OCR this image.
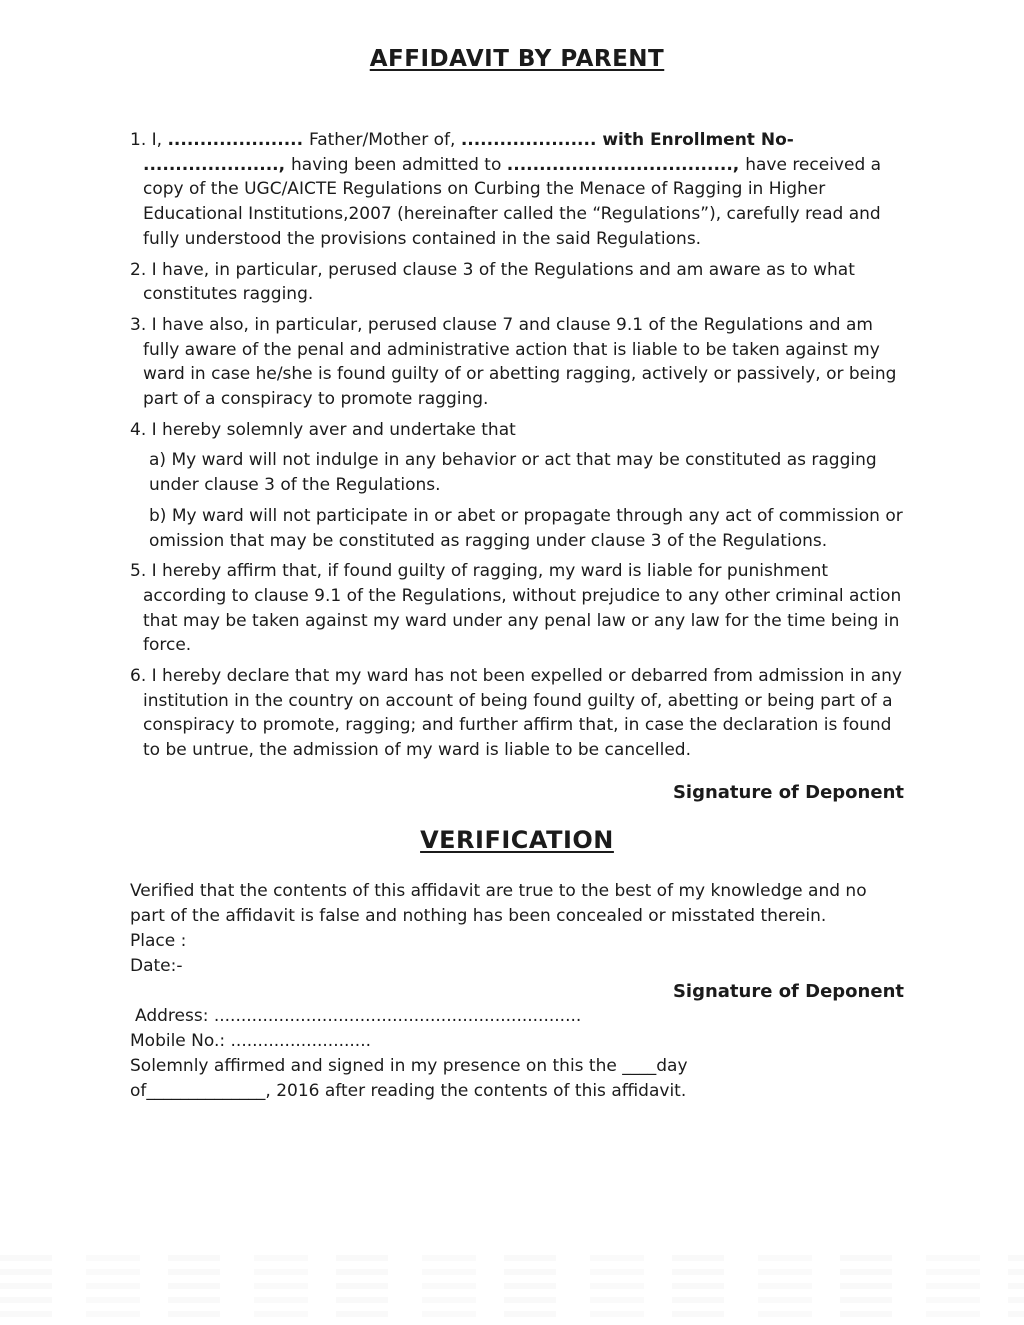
AFFIDAVIT BY PARENT

1. I, ..................... Father/Mother of, ..................... with Enrollment No-
....................., having been admitted to ..................................., have received a copy of the UGC/AICTE Regulations on Curbing the Menace of Ragging in Higher Educational Institutions,2007 (hereinafter called the “Regulations”), carefully read and fully understood the provisions contained in the said Regulations.

2. I have, in particular, perused clause 3 of the Regulations and am aware as to what constitutes ragging.

3. I have also, in particular, perused clause 7 and clause 9.1 of the Regulations and am fully aware of the penal and administrative action that is liable to be taken against my ward in case he/she is found guilty of or abetting ragging, actively or passively, or being part of a conspiracy to promote ragging.

4. I hereby solemnly aver and undertake that

a) My ward will not indulge in any behavior or act that may be constituted as ragging under clause 3 of the Regulations.

b) My ward will not participate in or abet or propagate through any act of commission or omission that may be constituted as ragging under clause 3 of the Regulations.

5. I hereby affirm that, if found guilty of ragging, my ward is liable for punishment according to clause 9.1 of the Regulations, without prejudice to any other criminal action that may be taken against my ward under any penal law or any law for the time being in force.

6. I hereby declare that my ward has not been expelled or debarred from admission in any institution in the country on account of being found guilty of, abetting or being part of a conspiracy to promote, ragging; and further affirm that, in case the declaration is found to be untrue, the admission of my ward is liable to be cancelled.

Signature of Deponent
VERIFICATION

Verified that the contents of this affidavit are true to the best of my knowledge and no part of the affidavit is false and nothing has been concealed or misstated therein.

Place :
Date:-
Signature of Deponent
Address: ....................................................................
Mobile No.: ..........................
Solemnly affirmed and signed in my presence on this the ____day
of______________, 2016 after reading the contents of this affidavit.
